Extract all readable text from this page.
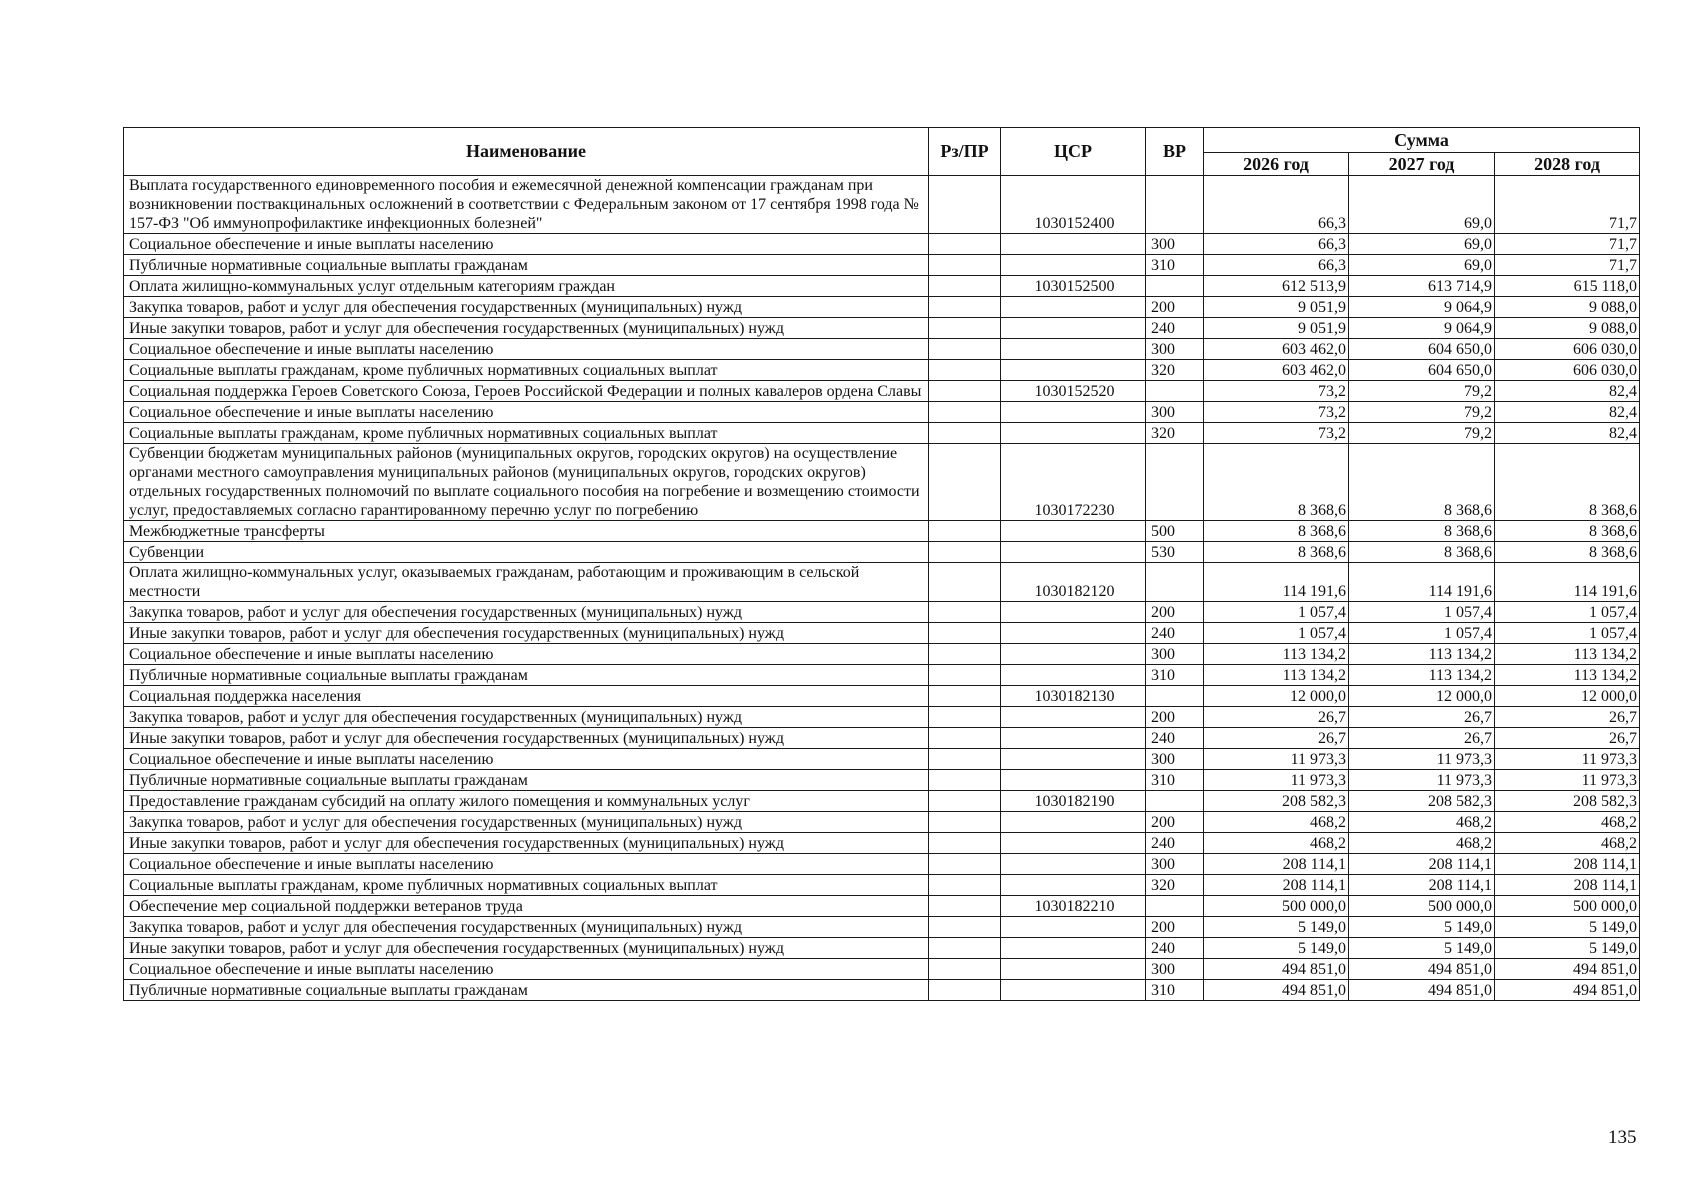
Наименование	Рз/ПР	ЦСР	ВР	Сумма		
				2026 год	2027 год	2028 год
Выплата государственного единовременного пособия и ежемесячной денежной компенсации гражданам при возникновении поствакцинальных осложнений в соответствии с Федеральным законом от 17 сентября 1998 года № 157-ФЗ "Об иммунопрофилактике инфекционных болезней"		1030152400		66,3	69,0	71,7
Социальное обеспечение и иные выплаты населению			300	66,3	69,0	71,7
Публичные нормативные социальные выплаты гражданам			310	66,3	69,0	71,7
Оплата жилищно-коммунальных услуг отдельным категориям граждан		1030152500		612 513,9	613 714,9	615 118,0
Закупка товаров, работ и услуг для обеспечения государственных (муниципальных) нужд			200	9 051,9	9 064,9	9 088,0
Иные закупки товаров, работ и услуг для обеспечения государственных (муниципальных) нужд			240	9 051,9	9 064,9	9 088,0
Социальное обеспечение и иные выплаты населению			300	603 462,0	604 650,0	606 030,0
Социальные выплаты гражданам, кроме публичных нормативных социальных выплат			320	603 462,0	604 650,0	606 030,0
Социальная поддержка Героев Советского Союза, Героев Российской Федерации и полных кавалеров ордена Славы		1030152520		73,2	79,2	82,4
Социальное обеспечение и иные выплаты населению			300	73,2	79,2	82,4
Социальные выплаты гражданам, кроме публичных нормативных социальных выплат			320	73,2	79,2	82,4
Субвенции бюджетам муниципальных районов (муниципальных округов, городских округов) на осуществление органами местного самоуправления муниципальных районов (муниципальных округов, городских округов) отдельных государственных полномочий по выплате социального пособия на погребение и возмещению стоимости услуг, предоставляемых согласно гарантированному перечню услуг по погребению		1030172230		8 368,6	8 368,6	8 368,6
Межбюджетные трансферты			500	8 368,6	8 368,6	8 368,6
Субвенции			530	8 368,6	8 368,6	8 368,6
Оплата жилищно-коммунальных услуг, оказываемых гражданам, работающим и проживающим в сельской местности		1030182120		114 191,6	114 191,6	114 191,6
Закупка товаров, работ и услуг для обеспечения государственных (муниципальных) нужд			200	1 057,4	1 057,4	1 057,4
Иные закупки товаров, работ и услуг для обеспечения государственных (муниципальных) нужд			240	1 057,4	1 057,4	1 057,4
Социальное обеспечение и иные выплаты населению			300	113 134,2	113 134,2	113 134,2
Публичные нормативные социальные выплаты гражданам			310	113 134,2	113 134,2	113 134,2
Социальная поддержка населения		1030182130		12 000,0	12 000,0	12 000,0
Закупка товаров, работ и услуг для обеспечения государственных (муниципальных) нужд			200	26,7	26,7	26,7
Иные закупки товаров, работ и услуг для обеспечения государственных (муниципальных) нужд			240	26,7	26,7	26,7
Социальное обеспечение и иные выплаты населению			300	11 973,3	11 973,3	11 973,3
Публичные нормативные социальные выплаты гражданам			310	11 973,3	11 973,3	11 973,3
Предоставление гражданам субсидий на оплату жилого помещения и коммунальных услуг		1030182190		208 582,3	208 582,3	208 582,3
Закупка товаров, работ и услуг для обеспечения государственных (муниципальных) нужд			200	468,2	468,2	468,2
Иные закупки товаров, работ и услуг для обеспечения государственных (муниципальных) нужд			240	468,2	468,2	468,2
Социальное обеспечение и иные выплаты населению			300	208 114,1	208 114,1	208 114,1
Социальные выплаты гражданам, кроме публичных нормативных социальных выплат			320	208 114,1	208 114,1	208 114,1
Обеспечение мер социальной поддержки ветеранов труда		1030182210		500 000,0	500 000,0	500 000,0
Закупка товаров, работ и услуг для обеспечения государственных (муниципальных) нужд			200	5 149,0	5 149,0	5 149,0
Иные закупки товаров, работ и услуг для обеспечения государственных (муниципальных) нужд			240	5 149,0	5 149,0	5 149,0
Социальное обеспечение и иные выплаты населению			300	494 851,0	494 851,0	494 851,0
Публичные нормативные социальные выплаты гражданам			310	494 851,0	494 851,0	494 851,0
135
